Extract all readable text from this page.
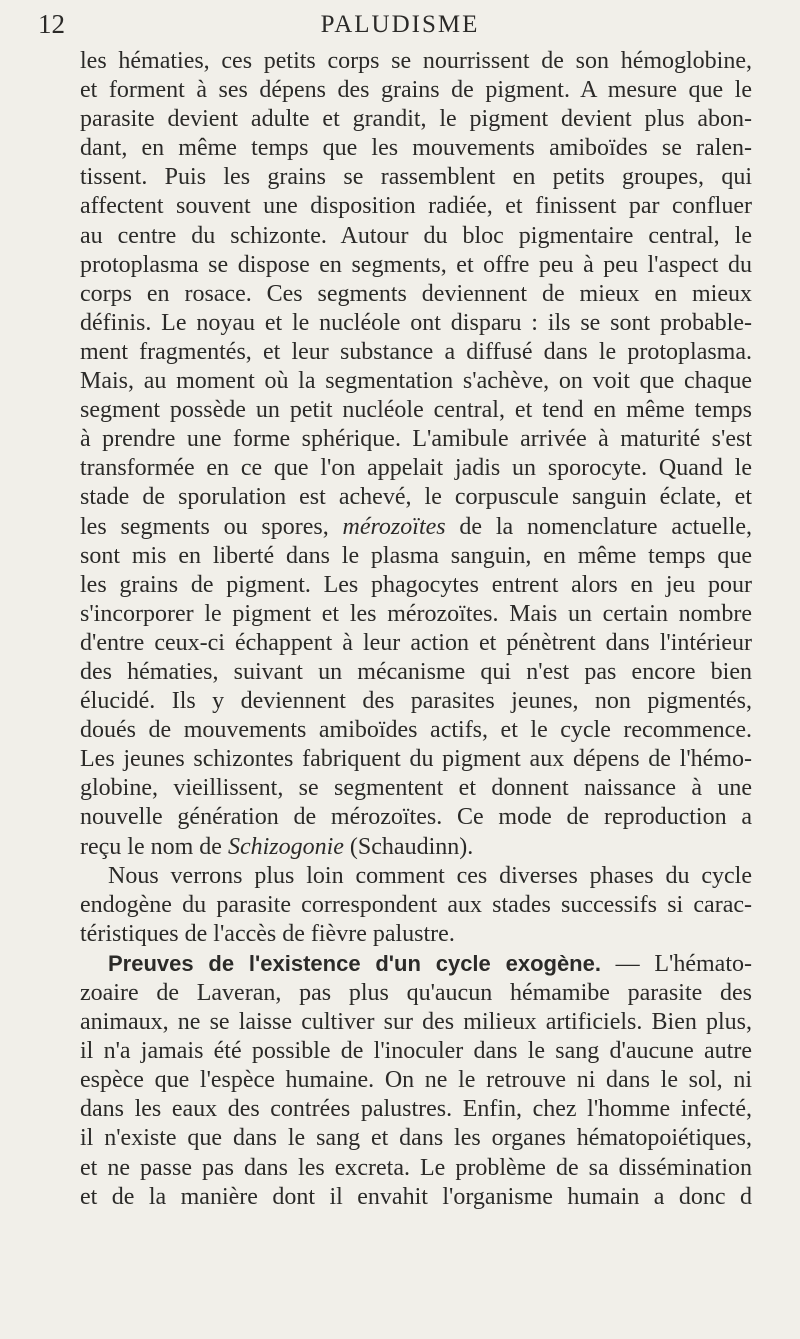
12	PALUDISME
les hématies, ces petits corps se nourrissent de son hémoglobine,
et forment à ses dépens des grains de pigment. A mesure que le
parasite devient adulte et grandit, le pigment devient plus abon-
dant, en même temps que les mouvements amiboïdes se ralen-
tissent. Puis les grains se rassemblent en petits groupes, qui
affectent souvent une disposition radiée, et finissent par confluer
au centre du schizonte. Autour du bloc pigmentaire central, le
protoplasma se dispose en segments, et offre peu à peu l'aspect du
corps en rosace. Ces segments deviennent de mieux en mieux
définis. Le noyau et le nucléole ont disparu : ils se sont probable-
ment fragmentés, et leur substance a diffusé dans le protoplasma.
Mais, au moment où la segmentation s'achève, on voit que chaque
segment possède un petit nucléole central, et tend en même temps
à prendre une forme sphérique. L'amibule arrivée à maturité s'est
transformée en ce que l'on appelait jadis un sporocyte. Quand le
stade de sporulation est achevé, le corpuscule sanguin éclate, et
les segments ou spores, mérozoïtes de la nomenclature actuelle,
sont mis en liberté dans le plasma sanguin, en même temps que
les grains de pigment. Les phagocytes entrent alors en jeu pour
s'incorporer le pigment et les mérozoïtes. Mais un certain nombre
d'entre ceux-ci échappent à leur action et pénètrent dans l'intérieur
des hématies, suivant un mécanisme qui n'est pas encore bien
élucidé. Ils y deviennent des parasites jeunes, non pigmentés,
doués de mouvements amiboïdes actifs, et le cycle recommence.
Les jeunes schizontes fabriquent du pigment aux dépens de l'hémo-
globine, vieillissent, se segmentent et donnent naissance à une
nouvelle génération de mérozoïtes. Ce mode de reproduction a
reçu le nom de Schizogonie (Schaudinn).
Nous verrons plus loin comment ces diverses phases du cycle
endogène du parasite correspondent aux stades successifs si carac-
téristiques de l'accès de fièvre palustre.
Preuves de l'existence d'un cycle exogène. — L'hémato-
zoaire de Laveran, pas plus qu'aucun hémamibe parasite des
animaux, ne se laisse cultiver sur des milieux artificiels. Bien plus,
il n'a jamais été possible de l'inoculer dans le sang d'aucune autre
espèce que l'espèce humaine. On ne le retrouve ni dans le sol, ni
dans les eaux des contrées palustres. Enfin, chez l'homme infecté,
il n'existe que dans le sang et dans les organes hématopoiétiques,
et ne passe pas dans les excreta. Le problème de sa dissémination
et de la manière dont il envahit l'organisme humain a donc d
